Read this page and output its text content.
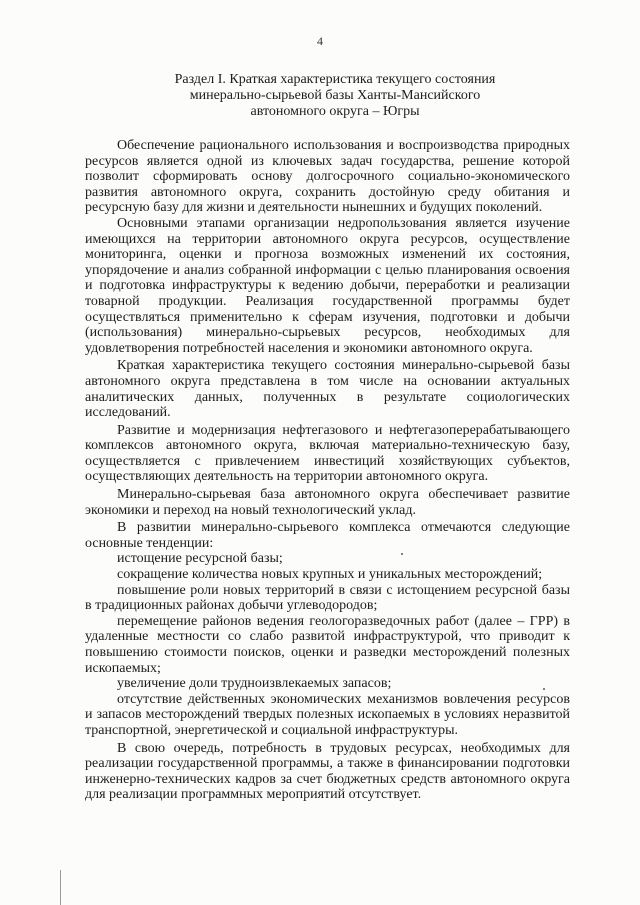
4
Раздел I. Краткая характеристика текущего состояния
минерально-сырьевой базы Ханты-Мансийского
автономного округа – Югры

Обеспечение рационального использования и воспроизводства природных ресурсов является одной из ключевых задач государства, решение которой позволит сформировать основу долгосрочного социально-экономического развития автономного округа, сохранить достойную среду обитания и ресурсную базу для жизни и деятельности нынешних и будущих поколений.

Основными этапами организации недропользования является изучение имеющихся на территории автономного округа ресурсов, осуществление мониторинга, оценки и прогноза возможных изменений их состояния, упорядочение и анализ собранной информации с целью планирования освоения и подготовка инфраструктуры к ведению добычи, переработки и реализации товарной продукции. Реализация государственной программы будет осуществляться применительно к сферам изучения, подготовки и добычи (использования) минерально-сырьевых ресурсов, необходимых для удовлетворения потребностей населения и экономики автономного округа.

Краткая характеристика текущего состояния минерально-сырьевой базы автономного округа представлена в том числе на основании актуальных аналитических данных, полученных в результате социологических исследований.

Развитие и модернизация нефтегазового и нефтегазоперерабатывающего комплексов автономного округа, включая материально-техническую базу, осуществляется с привлечением инвестиций хозяйствующих субъектов, осуществляющих деятельность на территории автономного округа.

Минерально-сырьевая база автономного округа обеспечивает развитие экономики и переход на новый технологический уклад.

В развитии минерально-сырьевого комплекса отмечаются следующие основные тенденции:

истощение ресурсной базы;

сокращение количества новых крупных и уникальных месторождений;

повышение роли новых территорий в связи с истощением ресурсной базы в традиционных районах добычи углеводородов;

перемещение районов ведения геологоразведочных работ (далее – ГРР) в удаленные местности со слабо развитой инфраструктурой, что приводит к повышению стоимости поисков, оценки и разведки месторождений полезных ископаемых;

увеличение доли трудноизвлекаемых запасов;

отсутствие действенных экономических механизмов вовлечения ресурсов и запасов месторождений твердых полезных ископаемых в условиях неразвитой транспортной, энергетической и социальной инфраструктуры.

В свою очередь, потребность в трудовых ресурсах, необходимых для реализации государственной программы, а также в финансировании подготовки инженерно-технических кадров за счет бюджетных средств автономного округа для реализации программных мероприятий отсутствует.
